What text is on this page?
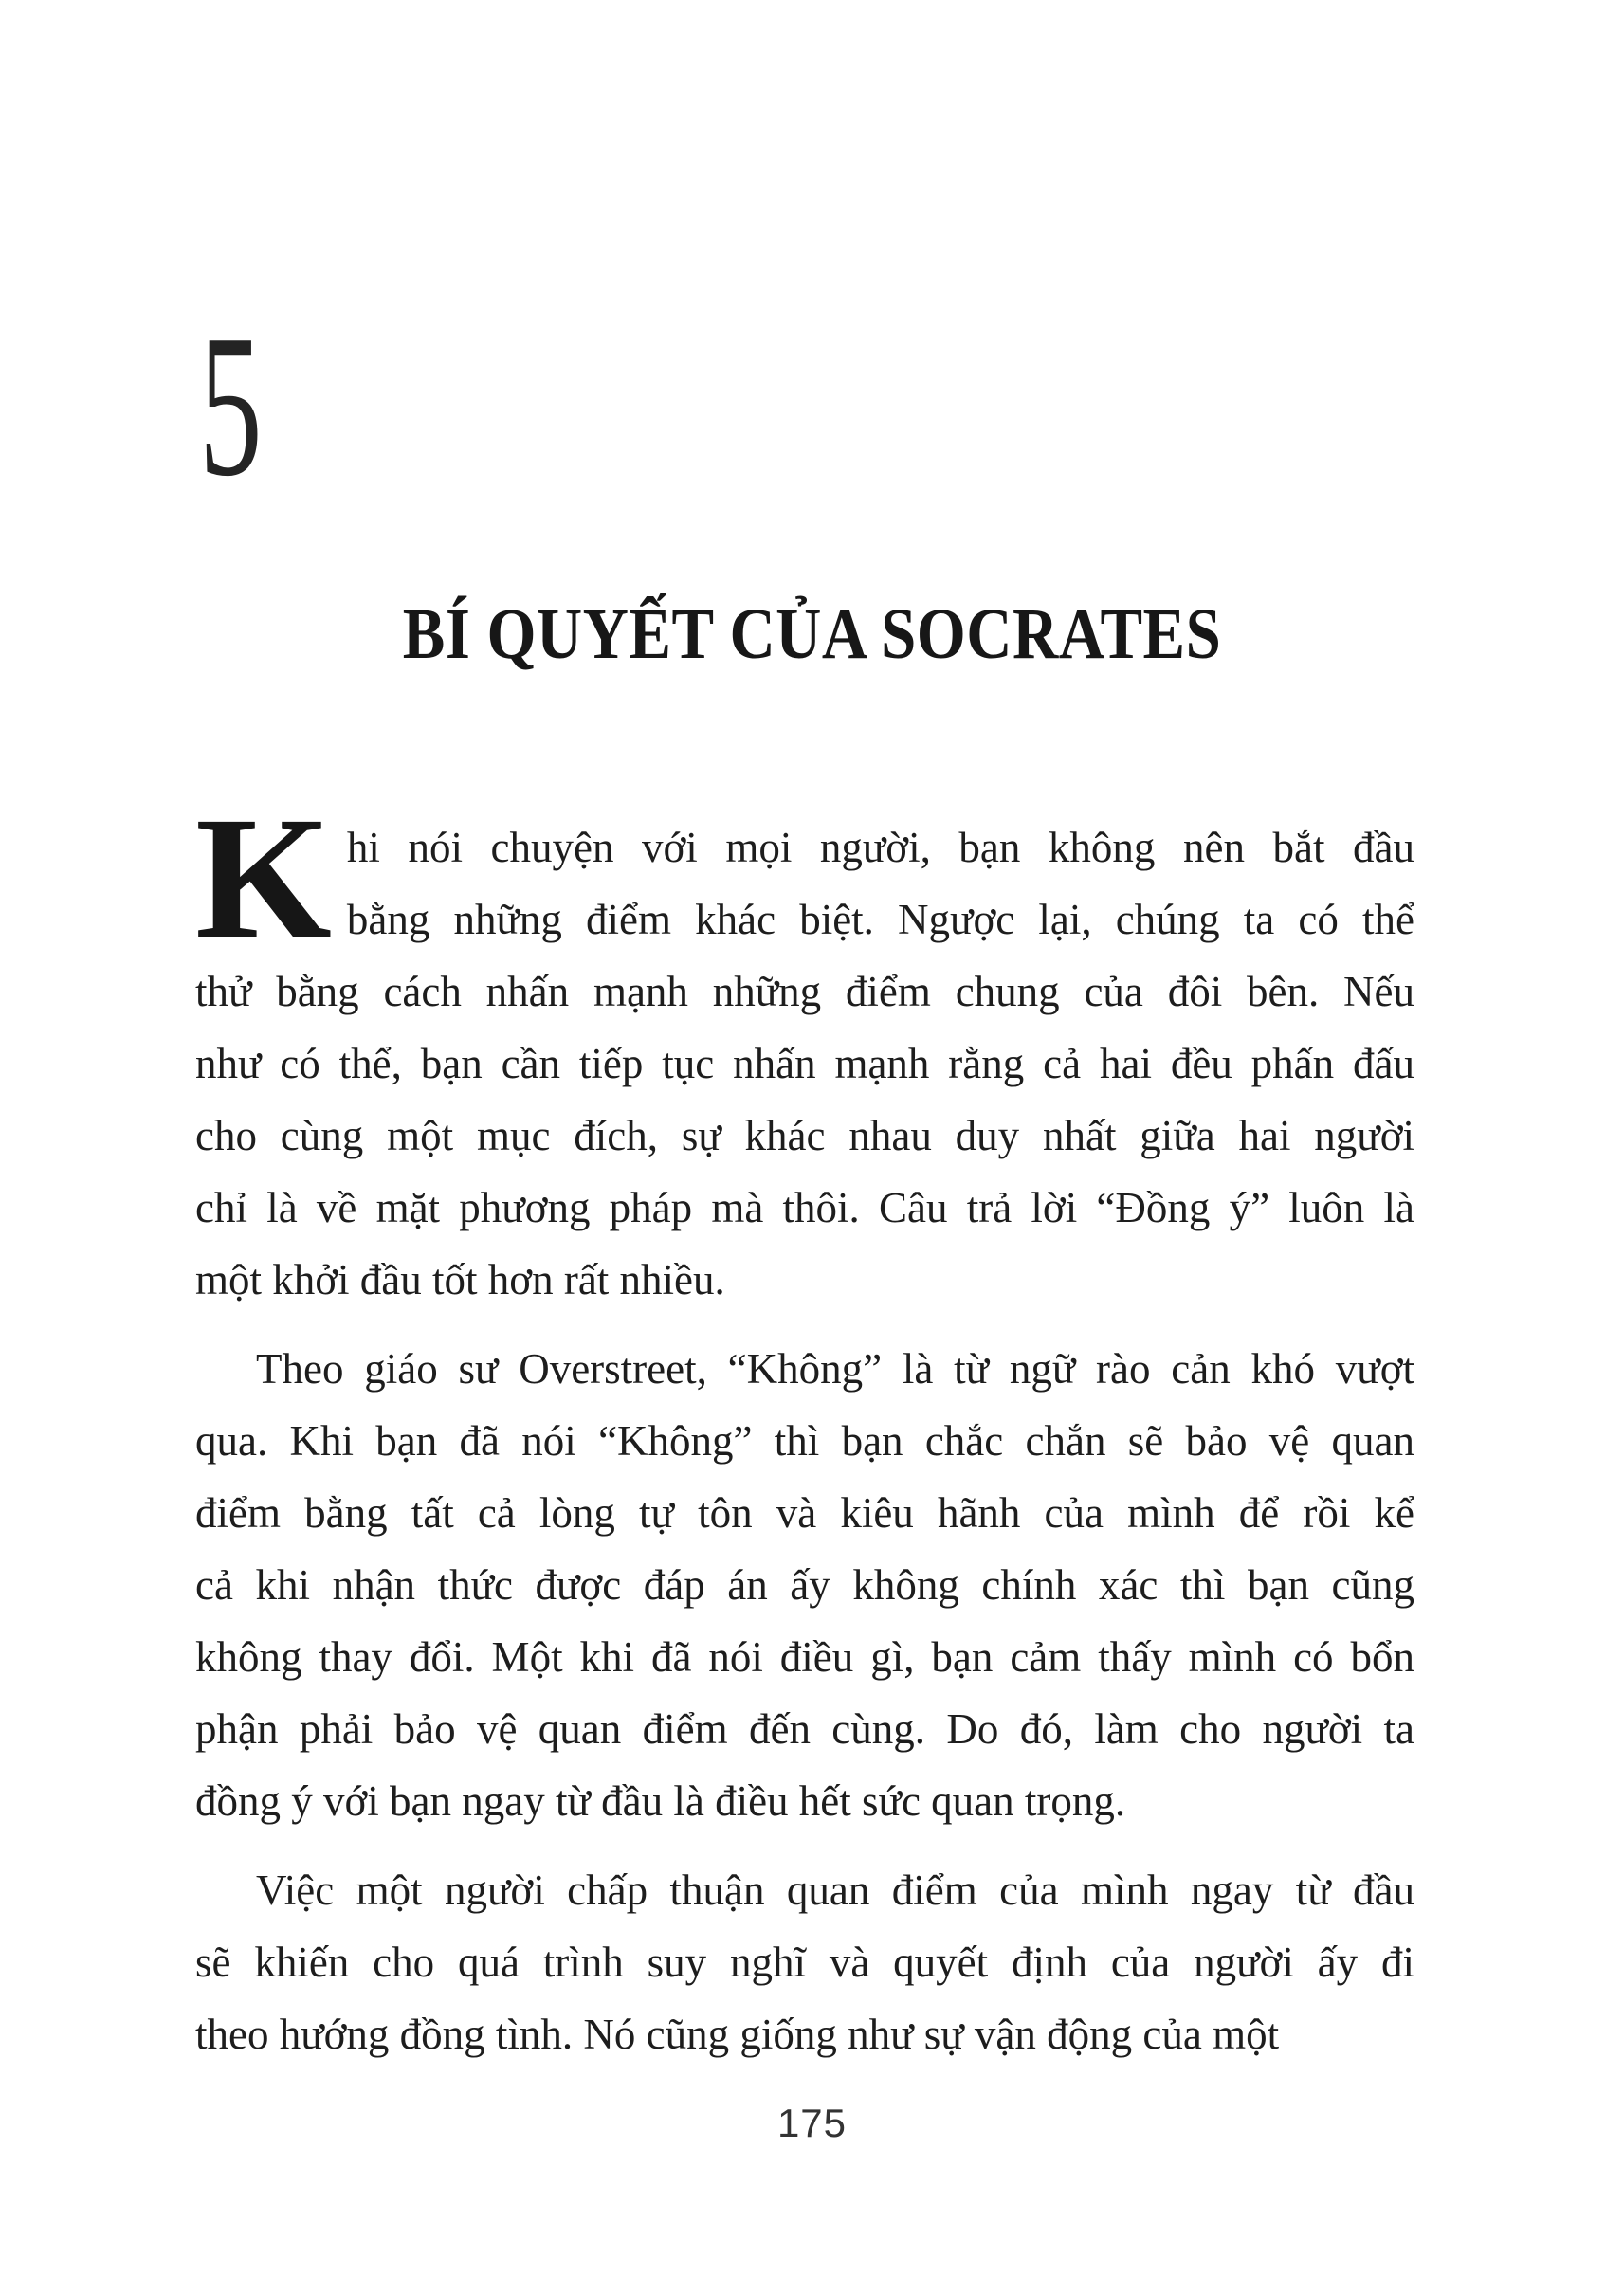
5
BÍ QUYẾT CỦA SOCRATES
K hi nói chuyện với mọi người, bạn không nên bắt đầu
bằng những điểm khác biệt. Ngược lại, chúng ta có thể
thử bằng cách nhấn mạnh những điểm chung của đôi bên. Nếu
như có thể, bạn cần tiếp tục nhấn mạnh rằng cả hai đều phấn đấu
cho cùng một mục đích, sự khác nhau duy nhất giữa hai người
chỉ là về mặt phương pháp mà thôi. Câu trả lời “Đồng ý” luôn là
một khởi đầu tốt hơn rất nhiều.
Theo giáo sư Overstreet, “Không” là từ ngữ rào cản khó vượt
qua. Khi bạn đã nói “Không” thì bạn chắc chắn sẽ bảo vệ quan
điểm bằng tất cả lòng tự tôn và kiêu hãnh của mình để rồi kể
cả khi nhận thức được đáp án ấy không chính xác thì bạn cũng
không thay đổi. Một khi đã nói điều gì, bạn cảm thấy mình có bổn
phận phải bảo vệ quan điểm đến cùng. Do đó, làm cho người ta
đồng ý với bạn ngay từ đầu là điều hết sức quan trọng.
Việc một người chấp thuận quan điểm của mình ngay từ đầu
sẽ khiến cho quá trình suy nghĩ và quyết định của người ấy đi
theo hướng đồng tình. Nó cũng giống như sự vận động của một
175
